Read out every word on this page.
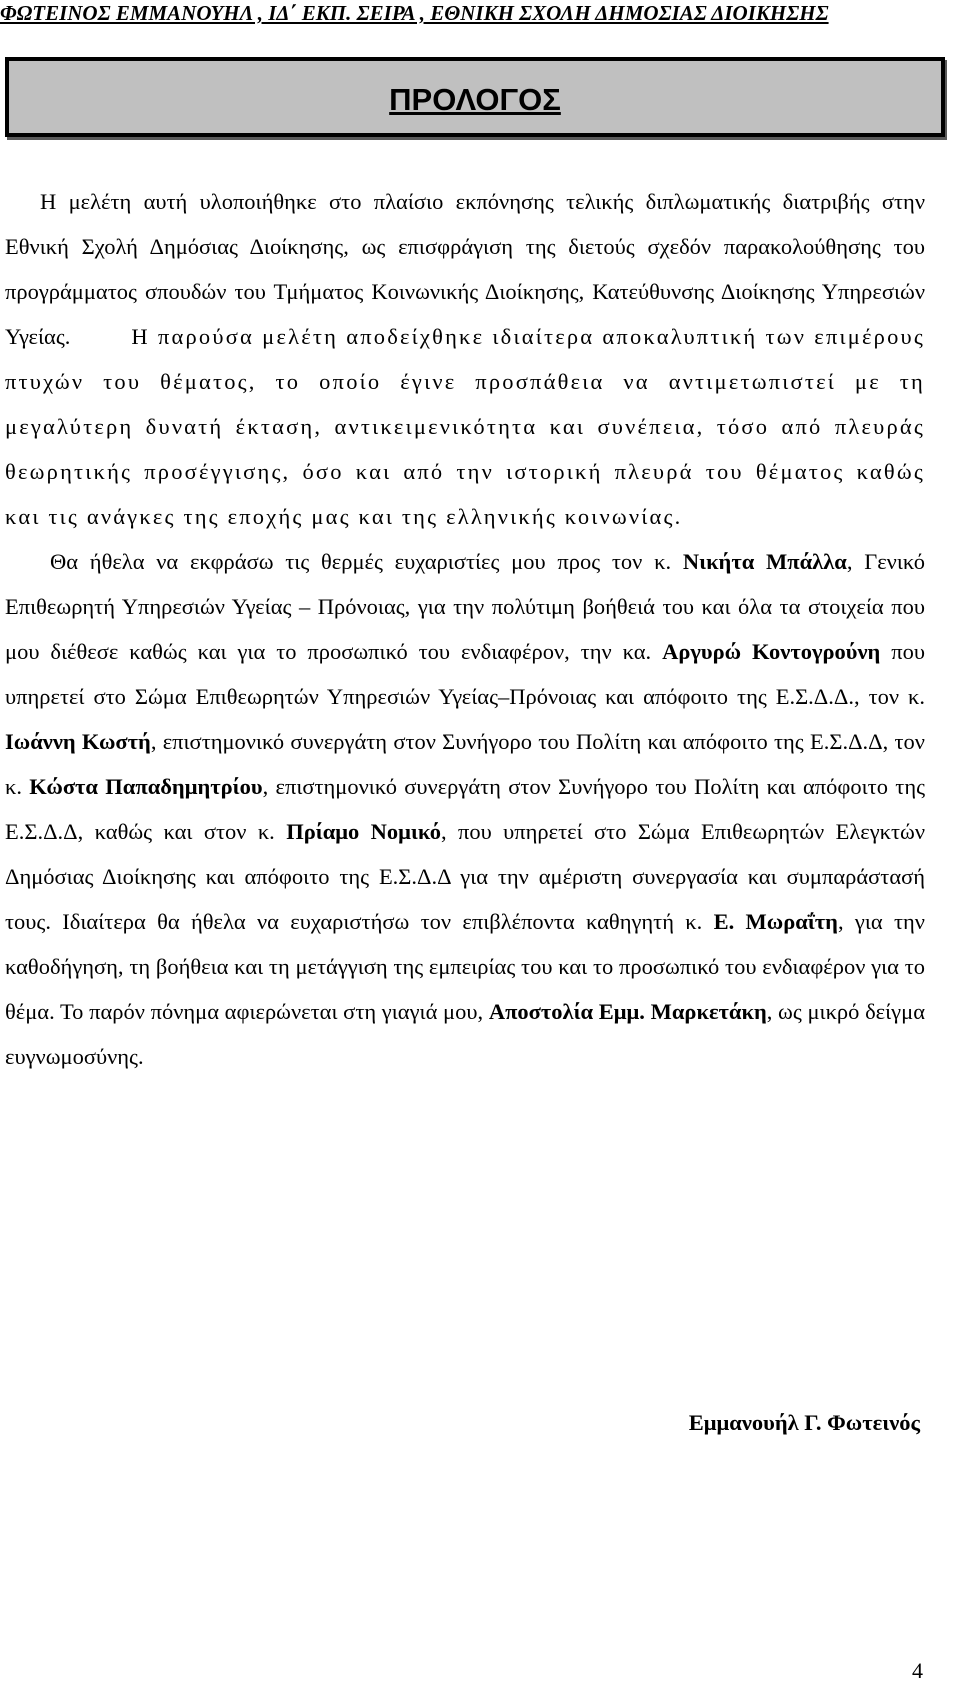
ΦΩΤΕΙΝΟΣ ΕΜΜΑΝΟΥΗΛ , ΙΔ΄ ΕΚΠ. ΣΕΙΡΑ , ΕΘΝΙΚΗ ΣΧΟΛΗ ΔΗΜΟΣΙΑΣ ΔΙΟΙΚΗΣΗΣ
ΠΡΟΛΟΓΟΣ
Η μελέτη αυτή υλοποιήθηκε στο πλαίσιο εκπόνησης τελικής διπλωματικής διατριβής στην Εθνική Σχολή Δημόσιας Διοίκησης, ως επισφράγιση της διετούς σχεδόν παρακολούθησης του προγράμματος σπουδών του Τμήματος Κοινωνικής Διοίκησης, Κατεύθυνσης Διοίκησης Υπηρεσιών Υγείας.	Η παρούσα μελέτη αποδείχθηκε ιδιαίτερα αποκαλυπτική των επιμέρους πτυχών του θέματος, το οποίο έγινε προσπάθεια να αντιμετωπιστεί με τη μεγαλύτερη δυνατή έκταση, αντικειμενικότητα και συνέπεια, τόσο από πλευράς θεωρητικής προσέγγισης, όσο και από την ιστορική πλευρά του θέματος καθώς και τις ανάγκες της εποχής μας και της ελληνικής κοινωνίας.
Θα ήθελα να εκφράσω τις θερμές ευχαριστίες μου προς τον κ. Νικήτα Μπάλλα, Γενικό Επιθεωρητή Υπηρεσιών Υγείας – Πρόνοιας, για την πολύτιμη βοήθειά του και όλα τα στοιχεία που μου διέθεσε καθώς και για το προσωπικό του ενδιαφέρον, την κα. Αργυρώ Κοντογρούνη που υπηρετεί στο Σώμα Επιθεωρητών Υπηρεσιών Υγείας–Πρόνοιας και απόφοιτο της Ε.Σ.Δ.Δ., τον κ. Ιωάννη Κωστή, επιστημονικό συνεργάτη στον Συνήγορο του Πολίτη και απόφοιτο της Ε.Σ.Δ.Δ, τον κ. Κώστα Παπαδημητρίου, επιστημονικό συνεργάτη στον Συνήγορο του Πολίτη και απόφοιτο της Ε.Σ.Δ.Δ, καθώς και στον κ. Πρίαμο Νομικό, που υπηρετεί στο Σώμα Επιθεωρητών Ελεγκτών Δημόσιας Διοίκησης και απόφοιτο της Ε.Σ.Δ.Δ για την αμέριστη συνεργασία και συμπαράστασή τους. Ιδιαίτερα θα ήθελα να ευχαριστήσω τον επιβλέποντα καθηγητή κ. Ε. Μωραΐτη, για την καθοδήγηση, τη βοήθεια και τη μετάγγιση της εμπειρίας του και το προσωπικό του ενδιαφέρον για το θέμα. Το παρόν πόνημα αφιερώνεται στη γιαγιά μου, Αποστολία Εμμ. Μαρκετάκη, ως μικρό δείγμα ευγνωμοσύνης.
Εμμανουήλ Γ. Φωτεινός
4
